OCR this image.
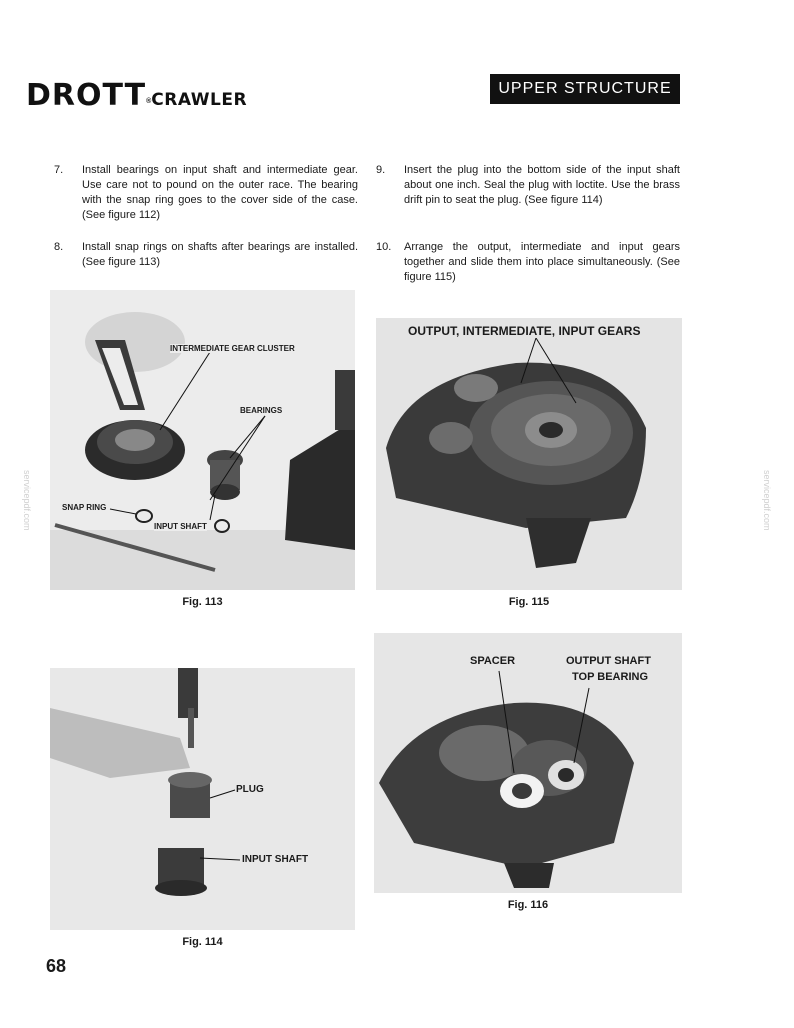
DROTT®CRAWLER
UPPER STRUCTURE
7.	Install bearings on input shaft and intermediate gear. Use care not to pound on the outer race. The bearing with the snap ring goes to the cover side of the case. (See figure 112)
8.	Install snap rings on shafts after bearings are installed. (See figure 113)
9.	Insert the plug into the bottom side of the input shaft about one inch. Seal the plug with loctite. Use the brass drift pin to seat the plug. (See figure 114)
10.	Arrange the output, intermediate and input gears together and slide them into place simultaneously. (See figure 115)
INTERMEDIATE GEAR CLUSTER
BEARINGS
SNAP RING
INPUT SHAFT
Fig. 113
OUTPUT, INTERMEDIATE, INPUT GEARS
Fig. 115
PLUG
INPUT SHAFT
Fig. 114
SPACER	OUTPUT SHAFT
TOP BEARING
Fig. 116
68
servicepdf.com	servicepdf.com
